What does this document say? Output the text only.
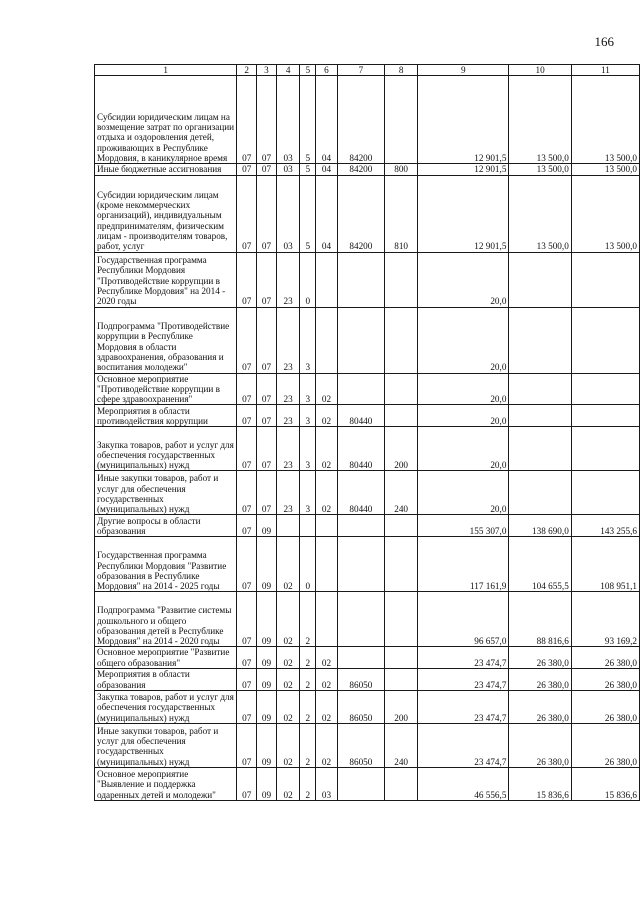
166
1	2	3	4	5	6	7	8	9	10	11
Субсидии юридическим лицам на возмещение затрат по организации отдыха и оздоровления детей, проживающих в Республике Мордовия, в каникулярное время	07	07	03	5	04	84200		12 901,5	13 500,0	13 500,0
Иные бюджетные ассигнования	07	07	03	5	04	84200	800	12 901,5	13 500,0	13 500,0
Субсидии юридическим лицам (кроме некоммерческих организаций), индивидуальным предпринимателям, физическим лицам - производителям товаров, работ, услуг	07	07	03	5	04	84200	810	12 901,5	13 500,0	13 500,0
Государственная программа Республики Мордовия "Противодействие коррупции в Республике Мордовия" на 2014 - 2020 годы	07	07	23	0				20,0		
Подпрограмма "Противодействие коррупции в Республике Мордовия в области здравоохранения, образования и воспитания молодежи"	07	07	23	3				20,0		
Основное мероприятие "Противодействие коррупции в сфере здравоохранения"	07	07	23	3	02			20,0		
Мероприятия в области противодействия коррупции	07	07	23	3	02	80440		20,0		
Закупка товаров, работ и услуг для обеспечения государственных (муниципальных) нужд	07	07	23	3	02	80440	200	20,0		
Иные закупки товаров, работ и услуг для обеспечения государственных (муниципальных) нужд	07	07	23	3	02	80440	240	20,0		
Другие вопросы в области образования	07	09						155 307,0	138 690,0	143 255,6
Государственная программа Республики Мордовия "Развитие образования в Республике Мордовия" на 2014 - 2025 годы	07	09	02	0				117 161,9	104 655,5	108 951,1
Подпрограмма "Развитие системы дошкольного и общего образования детей в Республике Мордовия" на 2014 - 2020 годы	07	09	02	2				96 657,0	88 816,6	93 169,2
Основное мероприятие "Развитие общего образования"	07	09	02	2	02			23 474,7	26 380,0	26 380,0
Мероприятия в области образования	07	09	02	2	02	86050		23 474,7	26 380,0	26 380,0
Закупка товаров, работ и услуг для обеспечения государственных (муниципальных) нужд	07	09	02	2	02	86050	200	23 474,7	26 380,0	26 380,0
Иные закупки товаров, работ и услуг для обеспечения государственных (муниципальных) нужд	07	09	02	2	02	86050	240	23 474,7	26 380,0	26 380,0
Основное мероприятие "Выявление и поддержка одаренных детей и молодежи"	07	09	02	2	03			46 556,5	15 836,6	15 836,6
